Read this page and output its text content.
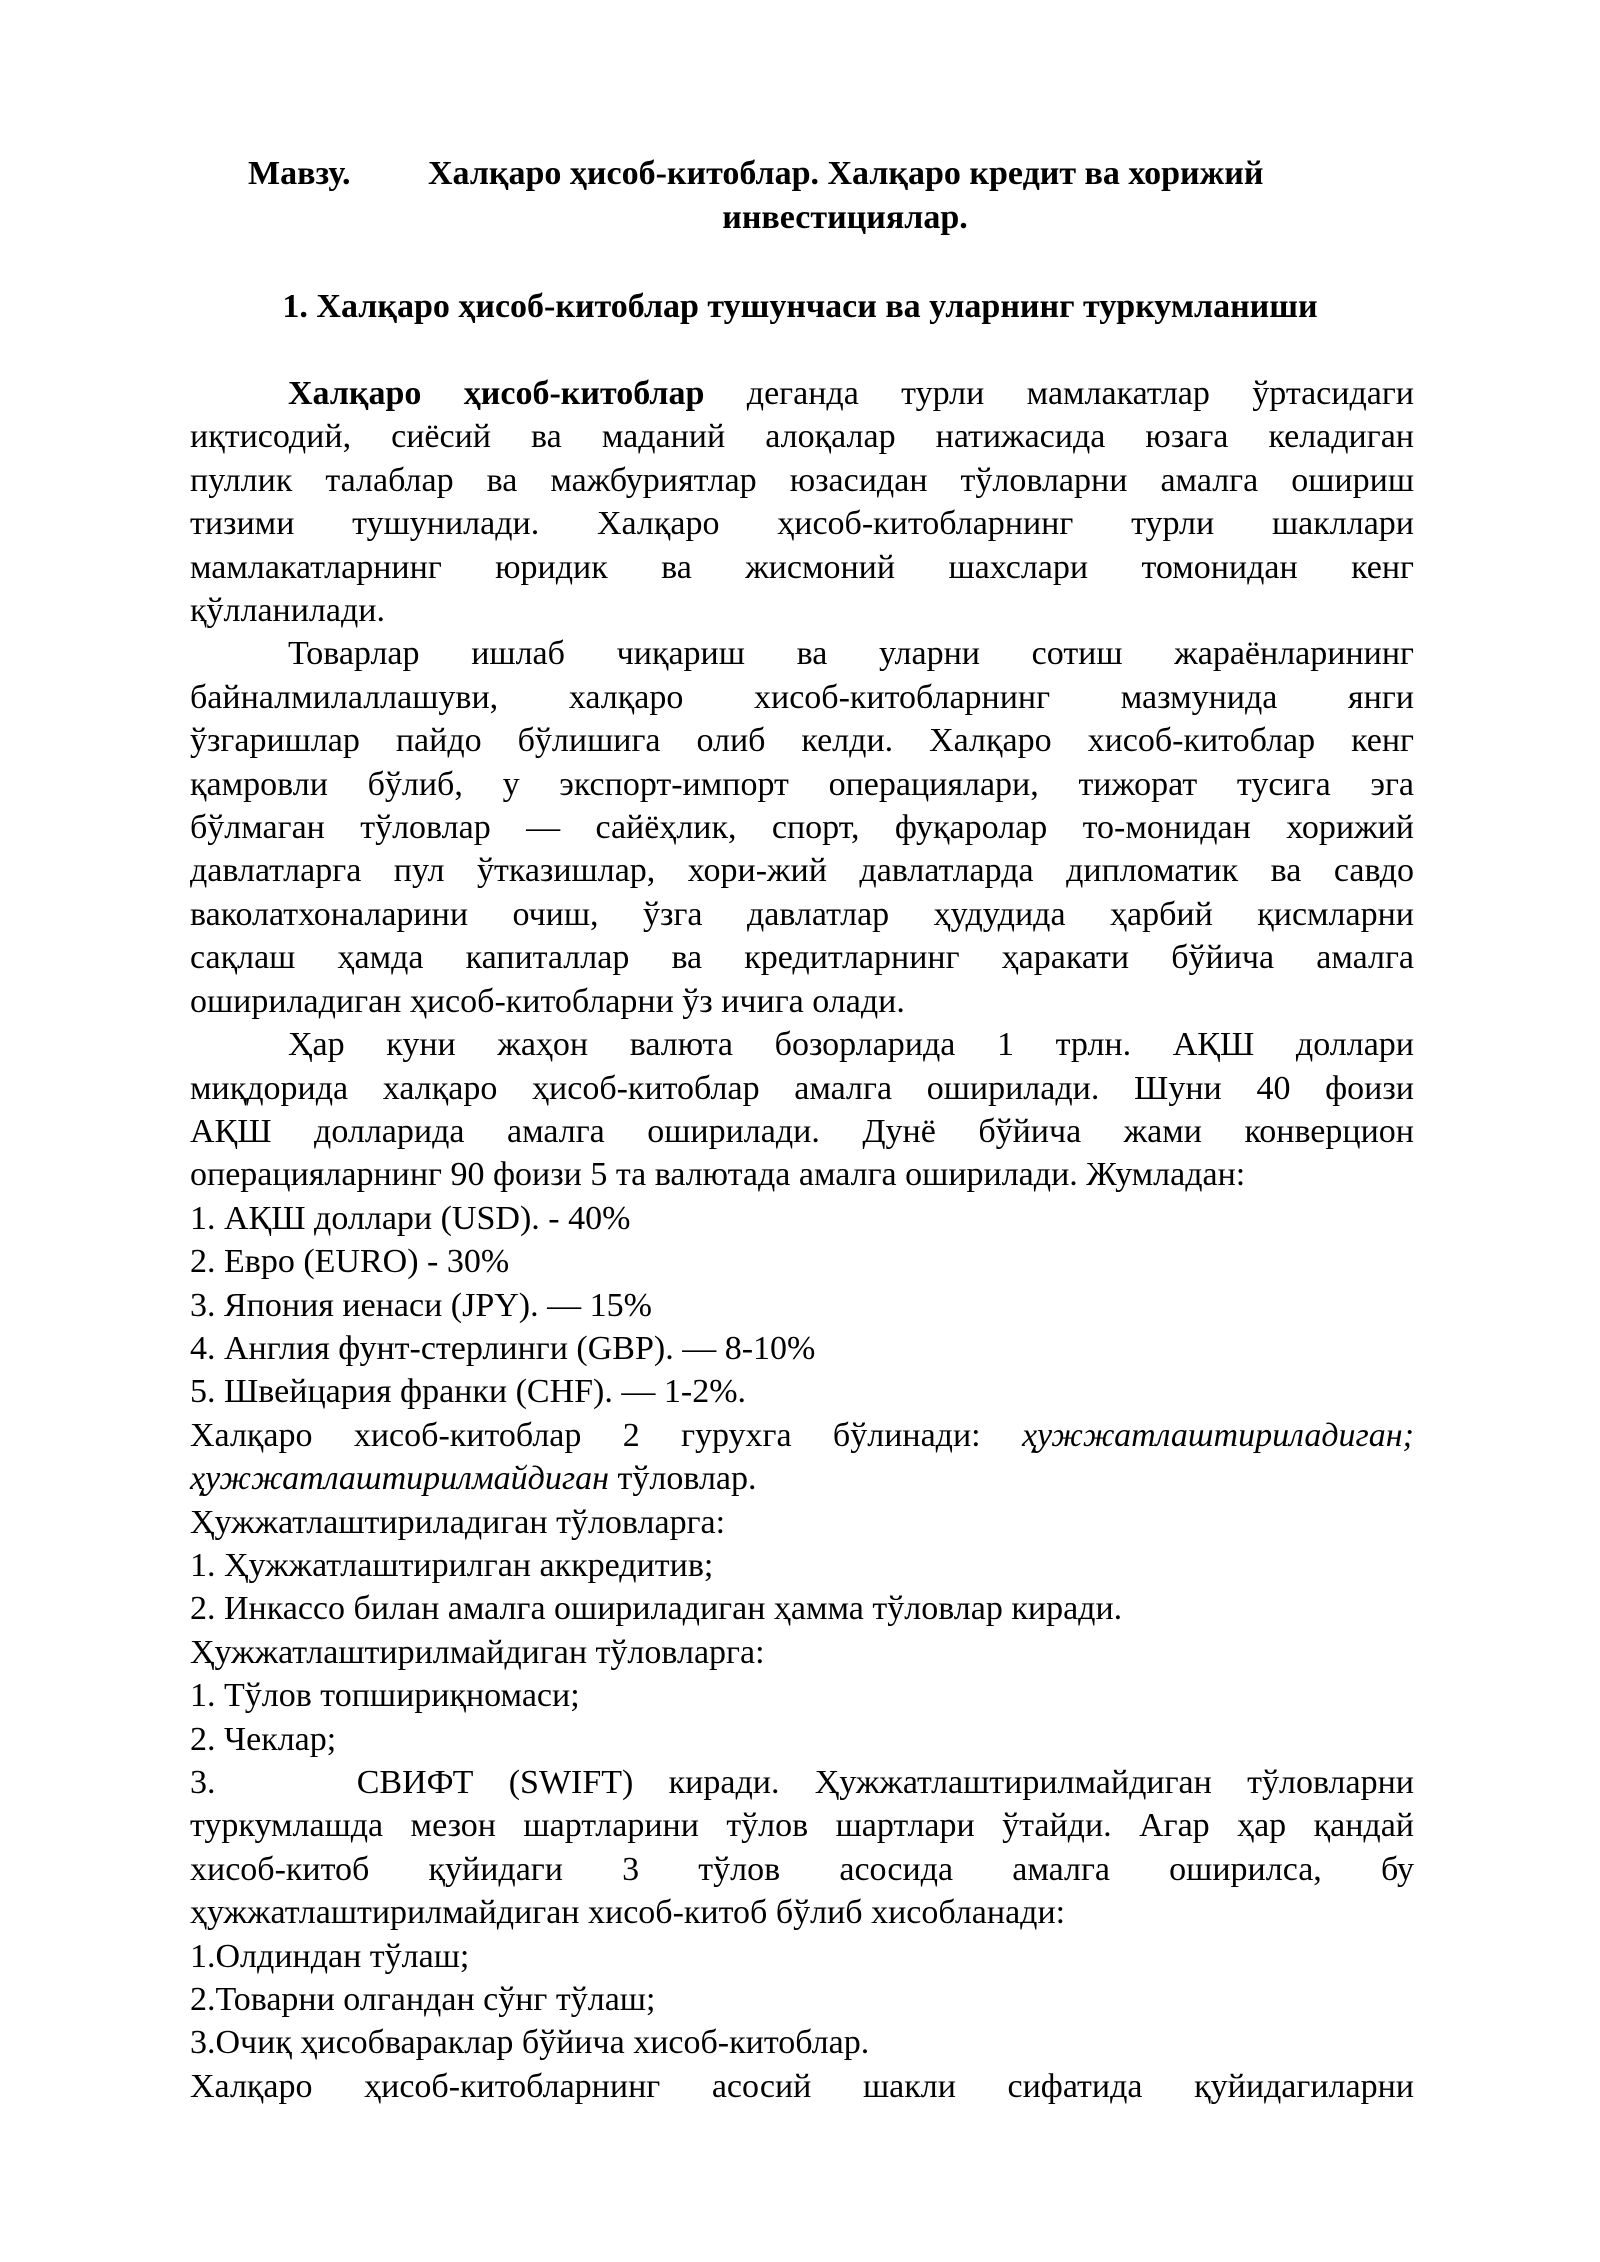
Мавзу. Халқаро ҳисоб-китоблар. Халқаро кредит ва хорижий
инвестициялар.
1. Халқаро ҳисоб-китоблар тушунчаси ва уларнинг туркумланиши
Халқаро ҳисоб-китоблар деганда турли мамлакатлар ўртасидаги
иқтисодий, сиёсий ва маданий алоқалар натижасида юзага келадиган
пуллик талаблар ва мажбуриятлар юзасидан тўловларни амалга ошириш
тизими тушунилади. Халқаро ҳисоб-китобларнинг турли шакллари
мамлакатларнинг юридик ва жисмоний шахслари томонидан кенг
қўлланилади.
Товарлар ишлаб чиқариш ва уларни сотиш жараёнларининг
байналмилаллашуви, халқаро хисоб-китобларнинг мазмунида янги
ўзгаришлар пайдо бўлишига олиб келди. Халқаро хисоб-китоблар кенг
қамровли бўлиб, у экспорт-импорт операциялари, тижорат тусига эга
бўлмаган тўловлар — сайёҳлик, спорт, фуқаролар то-монидан хорижий
давлатларга пул ўтказишлар, хори-жий давлатларда дипломатик ва савдо
ваколатхоналарини очиш, ўзга давлатлар ҳудудида ҳарбий қисмларни
сақлаш ҳамда капиталлар ва кредитларнинг ҳаракати бўйича амалга
ошириладиган ҳисоб-китобларни ўз ичига олади.
Ҳар куни жаҳон валюта бозорларида 1 трлн. АҚШ доллари
миқдорида халқаро ҳисоб-китоблар амалга оширилади. Шуни 40 фоизи
АҚШ долларида амалга оширилади. Дунё бўйича жами конверцион
операцияларнинг 90 фоизи 5 та валютада амалга оширилади. Жумладан:
1. АҚШ доллари (USD). - 40%
2. Евро (EURO) - 30%
3. Япония иенаси (JPY). — 15%
4. Англия фунт-стерлинги (GBP). — 8-10%
5. Швейцария франки (CHF). — 1-2%.
Халқаро хисоб-китоблар 2 гурухга бўлинади: ҳужжатлаштириладиган;
ҳужжатлаштирилмайдиган тўловлар.
Ҳужжатлаштириладиган тўловларга:
1. Ҳужжатлаштирилган аккредитив;
2. Инкассо билан амалга ошириладиган ҳамма тўловлар киради.
Ҳужжатлаштирилмайдиган тўловларга:
1. Тўлов топшириқномаси;
2. Чеклар;
3.    СВИФТ (SWIFT) киради. Ҳужжатлаштирилмайдиган тўловларни
туркумлашда мезон шартларини тўлов шартлари ўтайди. Агар ҳар қандай
хисоб-китоб қуйидаги 3 тўлов асосида амалга оширилса, бу
ҳужжатлаштирилмайдиган хисоб-китоб бўлиб хисобланади:
1.Олдиндан тўлаш;
2.Товарни олгандан сўнг тўлаш;
3.Очиқ ҳисобвараклар бўйича хисоб-китоблар.
Халқаро ҳисоб-китобларнинг асосий шакли сифатида қуйидагиларни
